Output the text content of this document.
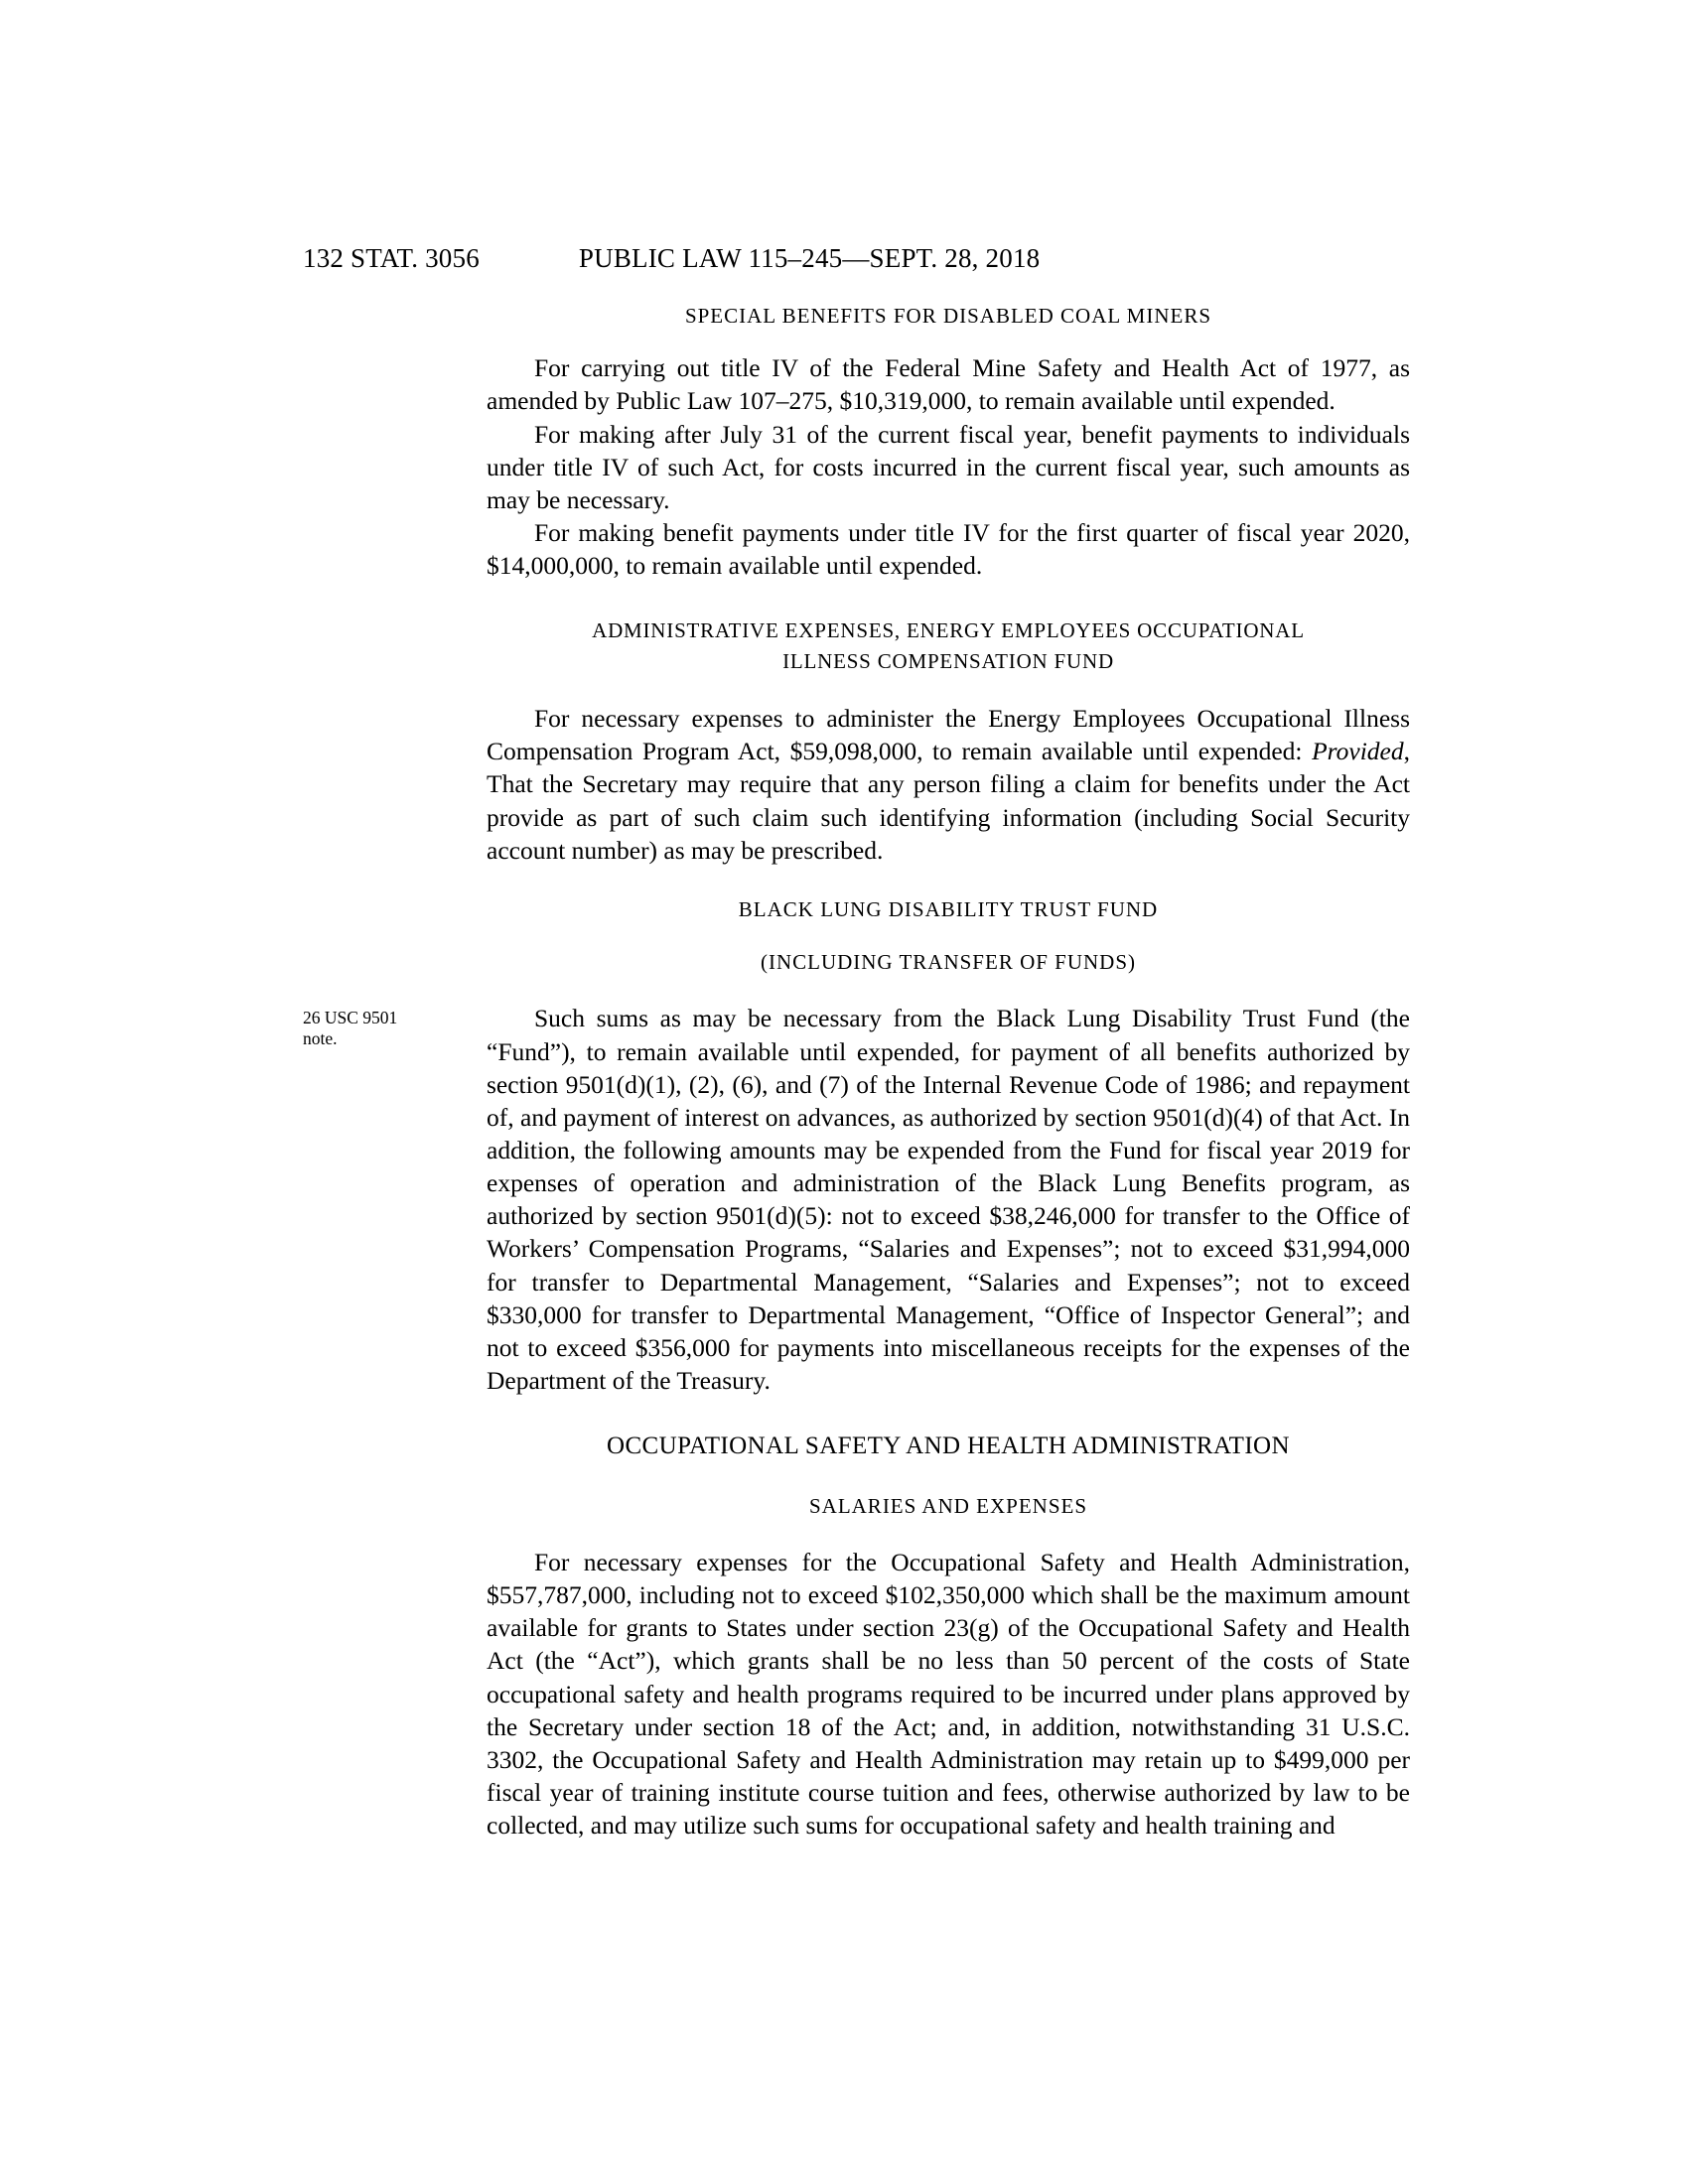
132 STAT. 3056	PUBLIC LAW 115–245—SEPT. 28, 2018
26 USC 9501
note.
SPECIAL BENEFITS FOR DISABLED COAL MINERS

For carrying out title IV of the Federal Mine Safety and Health Act of 1977, as amended by Public Law 107–275, $10,319,000, to remain available until expended.

For making after July 31 of the current fiscal year, benefit payments to individuals under title IV of such Act, for costs incurred in the current fiscal year, such amounts as may be necessary.

For making benefit payments under title IV for the first quarter of fiscal year 2020, $14,000,000, to remain available until expended.

ADMINISTRATIVE EXPENSES, ENERGY EMPLOYEES OCCUPATIONAL
ILLNESS COMPENSATION FUND

For necessary expenses to administer the Energy Employees Occupational Illness Compensation Program Act, $59,098,000, to remain available until expended: Provided, That the Secretary may require that any person filing a claim for benefits under the Act provide as part of such claim such identifying information (including Social Security account number) as may be prescribed.

BLACK LUNG DISABILITY TRUST FUND
(INCLUDING TRANSFER OF FUNDS)

Such sums as may be necessary from the Black Lung Disability Trust Fund (the “Fund”), to remain available until expended, for payment of all benefits authorized by section 9501(d)(1), (2), (6), and (7) of the Internal Revenue Code of 1986; and repayment of, and payment of interest on advances, as authorized by section 9501(d)(4) of that Act. In addition, the following amounts may be expended from the Fund for fiscal year 2019 for expenses of operation and administration of the Black Lung Benefits program, as authorized by section 9501(d)(5): not to exceed $38,246,000 for transfer to the Office of Workers’ Compensation Programs, “Salaries and Expenses”; not to exceed $31,994,000 for transfer to Departmental Management, “Salaries and Expenses”; not to exceed $330,000 for transfer to Departmental Management, “Office of Inspector General”; and not to exceed $356,000 for payments into miscellaneous receipts for the expenses of the Department of the Treasury.

OCCUPATIONAL SAFETY AND HEALTH ADMINISTRATION
SALARIES AND EXPENSES

For necessary expenses for the Occupational Safety and Health Administration, $557,787,000, including not to exceed $102,350,000 which shall be the maximum amount available for grants to States under section 23(g) of the Occupational Safety and Health Act (the “Act”), which grants shall be no less than 50 percent of the costs of State occupational safety and health programs required to be incurred under plans approved by the Secretary under section 18 of the Act; and, in addition, notwithstanding 31 U.S.C. 3302, the Occupational Safety and Health Administration may retain up to $499,000 per fiscal year of training institute course tuition and fees, otherwise authorized by law to be collected, and may utilize such sums for occupational safety and health training and
